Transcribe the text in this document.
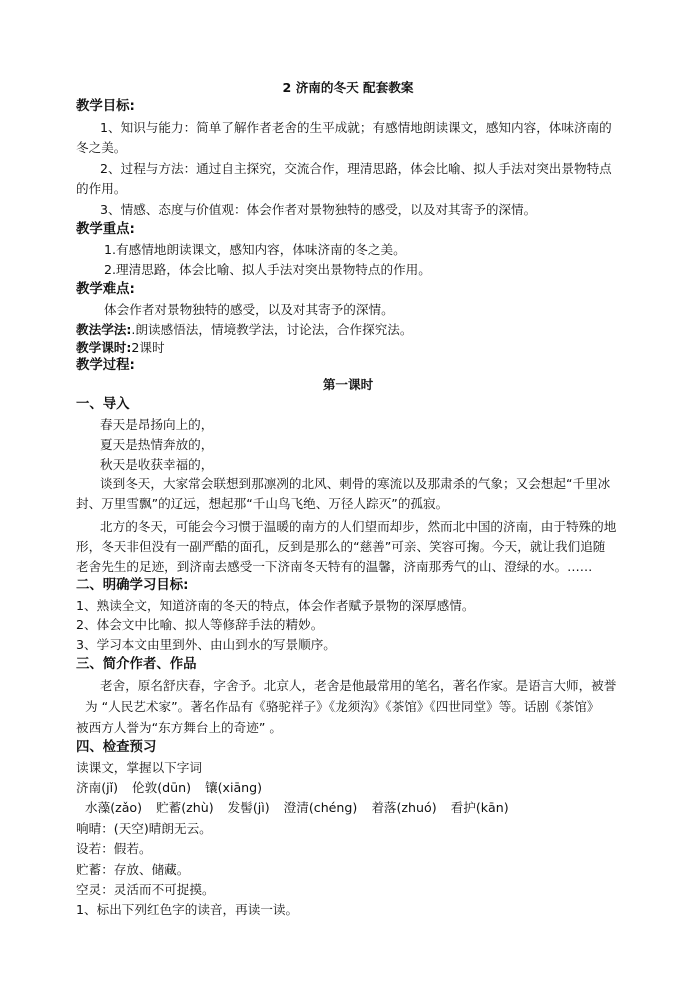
2 济南的冬天 配套教案
教学目标:
1、知识与能力：简单了解作者老舍的生平成就；有感情地朗读课文，感知内容，体味济南的
冬之美。
2、过程与方法：通过自主探究，交流合作，理清思路，体会比喻、拟人手法对突出景物特点
的作用。
3、情感、态度与价值观：体会作者对景物独特的感受，以及对其寄予的深情。
教学重点:
1.有感情地朗读课文，感知内容，体味济南的冬之美。
2.理清思路，体会比喻、拟人手法对突出景物特点的作用。
教学难点:
体会作者对景物独特的感受，以及对其寄予的深情。
教法学法:.朗读感悟法，情境教学法，讨论法，合作探究法。
教学课时:2课时
教学过程:
第一课时
一、导入
春天是昂扬向上的，
夏天是热情奔放的，
秋天是收获幸福的，
谈到冬天，大家常会联想到那凛冽的北风、刺骨的寒流以及那肃杀的气象；又会想起“千里冰
封、万里雪飘”的辽远，想起那“千山鸟飞绝、万径人踪灭”的孤寂。
北方的冬天，可能会今习惯于温暖的南方的人们望而却步，然而北中国的济南，由于特殊的地
形，冬天非但没有一副严酷的面孔，反到是那么的“慈善”可亲、笑容可掬。今天，就让我们追随
老舍先生的足迹，到济南去感受一下济南冬天特有的温馨，济南那秀气的山、澄绿的水。……
二、明确学习目标:
1、熟读全文，知道济南的冬天的特点，体会作者赋予景物的深厚感情。
2、体会文中比喻、拟人等修辞手法的精妙。
3、学习本文由里到外、由山到水的写景顺序。
三、简介作者、作品
老舍，原名舒庆春，字舍予。北京人，老舍是他最常用的笔名，著名作家。是语言大师，被誉
为 “人民艺术家”。著名作品有《骆驼祥子》《龙须沟》《茶馆》《四世同堂》等。话剧《茶馆》
被西方人誉为“东方舞台上的奇迹” 。
四、检查预习
读课文，掌握以下字词
济南(jǐ) 伦敦(dūn) 镶(xiāng)
水藻(zǎo) 贮蓄(zhù) 发髻(jì) 澄清(chéng) 着落(zhuó) 看护(kān)
响晴：(天空)晴朗无云。
设若：假若。
贮蓄：存放、储藏。
空灵：灵活而不可捉摸。
1、标出下列红色字的读音，再读一读。
